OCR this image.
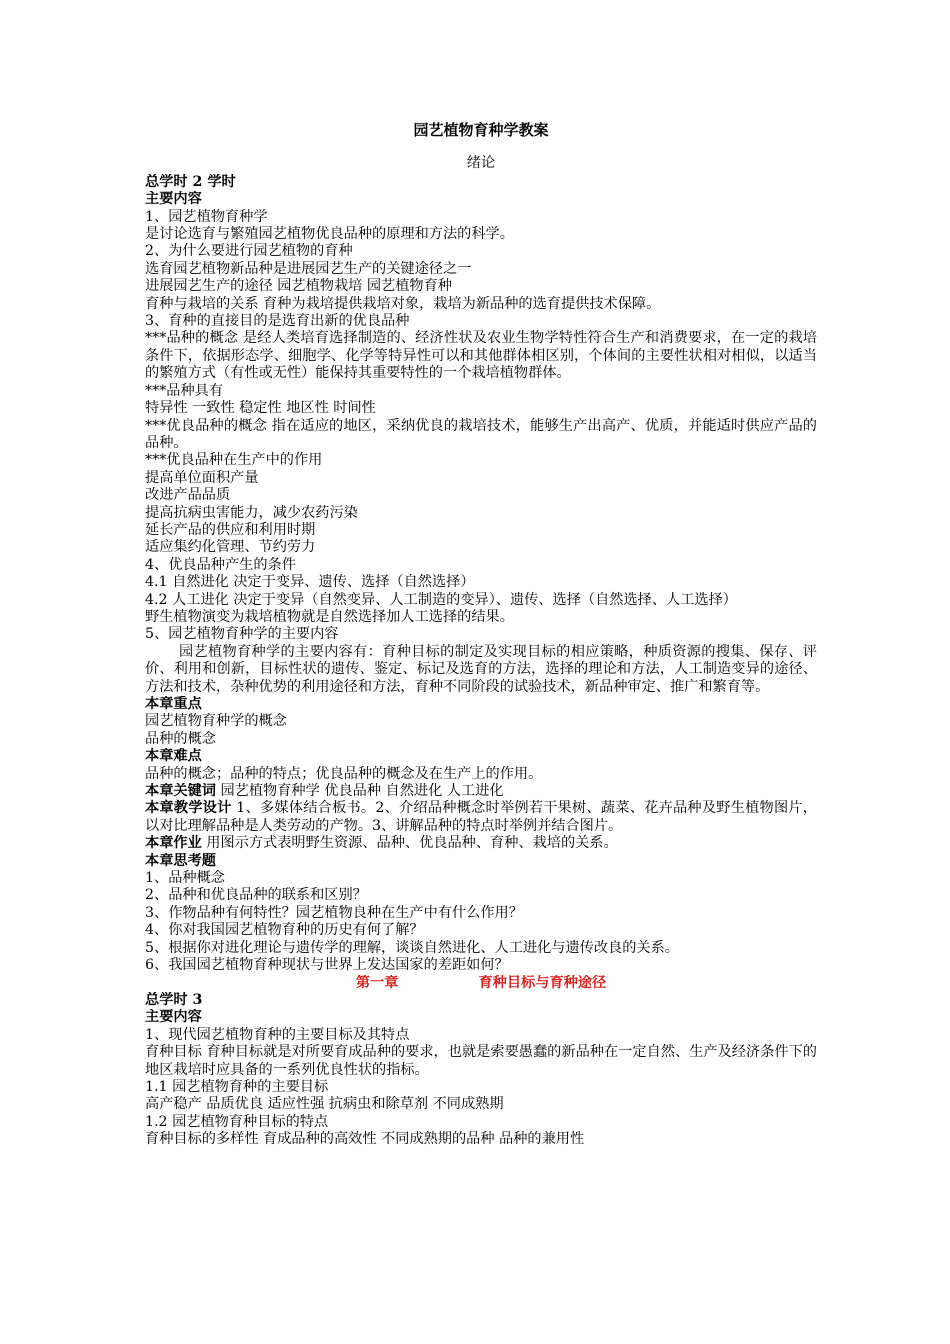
园艺植物育种学教案
绪论
总学时 2 学时
主要内容
1、园艺植物育种学
是讨论选育与繁殖园艺植物优良品种的原理和方法的科学。
2、为什么要进行园艺植物的育种
选育园艺植物新品种是进展园艺生产的关键途径之一
进展园艺生产的途径 园艺植物栽培 园艺植物育种
育种与栽培的关系 育种为栽培提供栽培对象，栽培为新品种的选育提供技术保障。
3、育种的直接目的是选育出新的优良品种
***品种的概念 是经人类培育选择制造的、经济性状及农业生物学特性符合生产和消费要求，在一定的栽培条件下，依据形态学、细胞学、化学等特异性可以和其他群体相区别，个体间的主要性状相对相似，以适当的繁殖方式（有性或无性）能保持其重要特性的一个栽培植物群体。
***品种具有
特异性 一致性 稳定性 地区性 时间性
***优良品种的概念 指在适应的地区，采纳优良的栽培技术，能够生产出高产、优质，并能适时供应产品的品种。
***优良品种在生产中的作用
提高单位面积产量
改进产品品质
提高抗病虫害能力，减少农药污染
延长产品的供应和利用时期
适应集约化管理、节约劳力
4、优良品种产生的条件
4.1 自然进化 决定于变异、遗传、选择（自然选择）
4.2 人工进化 决定于变异（自然变异、人工制造的变异）、遗传、选择（自然选择、人工选择）
野生植物演变为栽培植物就是自然选择加人工选择的结果。
5、园艺植物育种学的主要内容
园艺植物育种学的主要内容有：育种目标的制定及实现目标的相应策略，种质资源的搜集、保存、评价、利用和创新，目标性状的遗传、鉴定、标记及选育的方法，选择的理论和方法，人工制造变异的途径、方法和技术，杂种优势的利用途径和方法，育种不同阶段的试验技术，新品种审定、推广和繁育等。
本章重点
园艺植物育种学的概念
品种的概念
本章难点
品种的概念；品种的特点；优良品种的概念及在生产上的作用。
本章关键词 园艺植物育种学 优良品种 自然进化 人工进化
本章教学设计 1、多媒体结合板书。2、介绍品种概念时举例若干果树、蔬菜、花卉品种及野生植物图片，以对比理解品种是人类劳动的产物。3、讲解品种的特点时举例并结合图片。
本章作业 用图示方式表明野生资源、品种、优良品种、育种、栽培的关系。
本章思考题
1、品种概念
2、品种和优良品种的联系和区别？
3、作物品种有何特性？园艺植物良种在生产中有什么作用？
4、你对我国园艺植物育种的历史有何了解？
5、根据你对进化理论与遗传学的理解，谈谈自然进化、人工进化与遗传改良的关系。
6、我国园艺植物育种现状与世界上发达国家的差距如何？
第一章	育种目标与育种途径
总学时 3
主要内容
1、现代园艺植物育种的主要目标及其特点
育种目标 育种目标就是对所要育成品种的要求，也就是索要愚蠢的新品种在一定自然、生产及经济条件下的地区栽培时应具备的一系列优良性状的指标。
1.1 园艺植物育种的主要目标
高产稳产 品质优良 适应性强 抗病虫和除草剂 不同成熟期
1.2 园艺植物育种目标的特点
育种目标的多样性 育成品种的高效性 不同成熟期的品种 品种的兼用性
